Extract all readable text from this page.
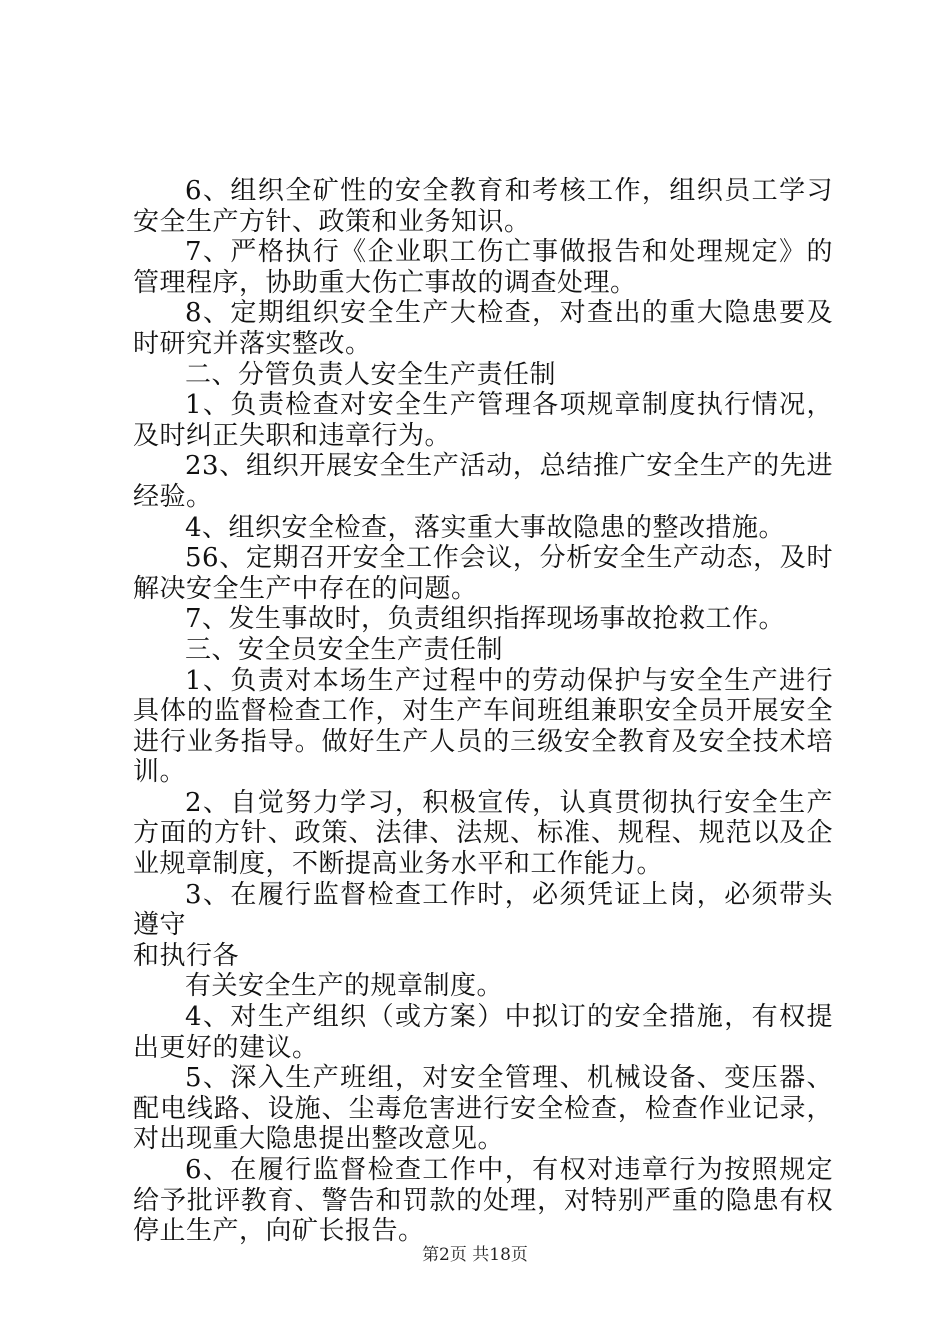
6、组织全矿性的安全教育和考核工作，组织员工学习安全生产方针、政策和业务知识。

7、严格执行《企业职工伤亡事做报告和处理规定》的管理程序，协助重大伤亡事故的调查处理。

8、定期组织安全生产大检查，对查出的重大隐患要及时研究并落实整改。

二、分管负责人安全生产责任制

1、负责检查对安全生产管理各项规章制度执行情况，及时纠正失职和违章行为。

23、组织开展安全生产活动，总结推广安全生产的先进经验。

4、组织安全检查，落实重大事故隐患的整改措施。

56、定期召开安全工作会议，分析安全生产动态，及时解决安全生产中存在的问题。

7、发生事故时，负责组织指挥现场事故抢救工作。

三、安全员安全生产责任制

1、负责对本场生产过程中的劳动保护与安全生产进行具体的监督检查工作，对生产车间班组兼职安全员开展安全进行业务指导。做好生产人员的三级安全教育及安全技术培训。

2、自觉努力学习，积极宣传，认真贯彻执行安全生产方面的方针、政策、法律、法规、标准、规程、规范以及企业规章制度，不断提高业务水平和工作能力。

3、在履行监督检查工作时，必须凭证上岗，必须带头遵守

和执行各

有关安全生产的规章制度。

4、对生产组织（或方案）中拟订的安全措施，有权提出更好的建议。

5、深入生产班组，对安全管理、机械设备、变压器、配电线路、设施、尘毒危害进行安全检查，检查作业记录，对出现重大隐患提出整改意见。

6、在履行监督检查工作中，有权对违章行为按照规定给予批评教育、警告和罚款的处理，对特别严重的隐患有权停止生产，向矿长报告。

第2页 共18页
